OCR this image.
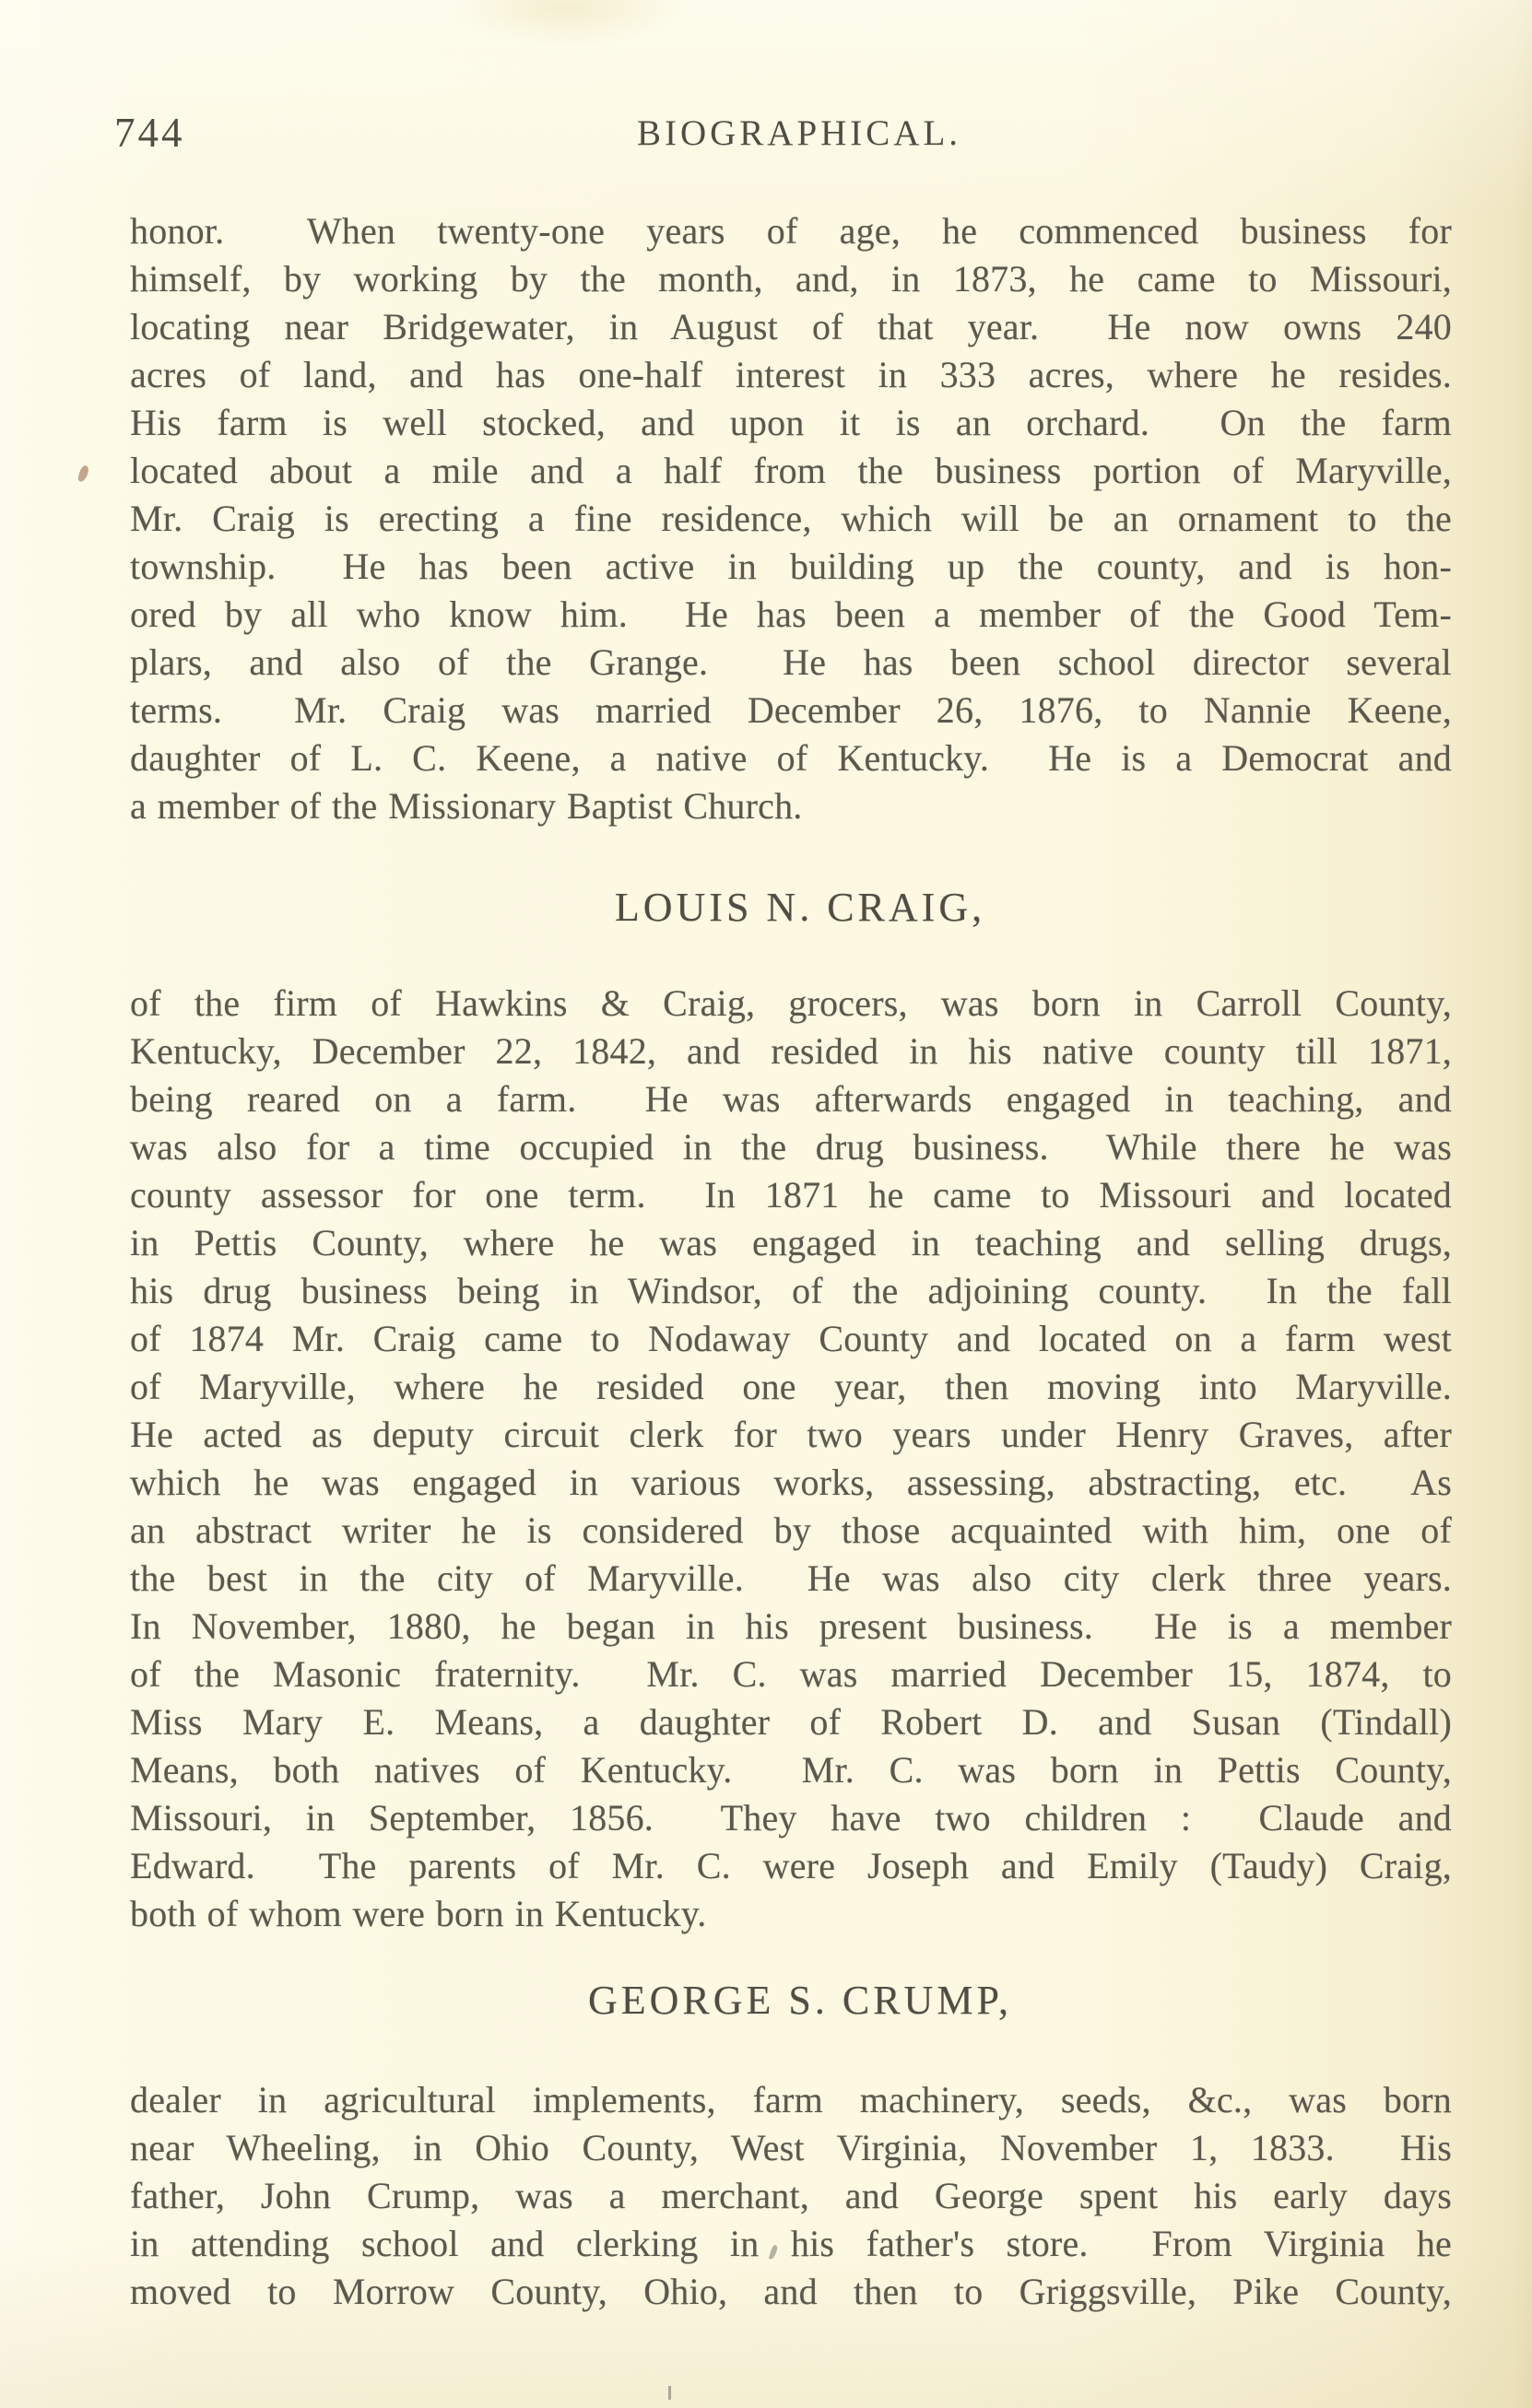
744	BIOGRAPHICAL.
honor.  When twenty-one years of age, he commenced business for
himself, by working by the month, and, in 1873, he came to Missouri,
locating near Bridgewater, in August of that year.  He now owns 240
acres of land, and has one-half interest in 333 acres, where he resides.
His farm is well stocked, and upon it is an orchard.  On the farm
located about a mile and a half from the business portion of Maryville,
Mr. Craig is erecting a fine residence, which will be an ornament to the
township.  He has been active in building up the county, and is hon-
ored by all who know him.  He has been a member of the Good Tem-
plars, and also of the Grange.  He has been school director several
terms.  Mr. Craig was married December 26, 1876, to Nannie Keene,
daughter of L. C. Keene, a native of Kentucky.  He is a Democrat and
a member of the Missionary Baptist Church.
LOUIS N. CRAIG,
of the firm of Hawkins & Craig, grocers, was born in Carroll County,
Kentucky, December 22, 1842, and resided in his native county till 1871,
being reared on a farm.  He was afterwards engaged in teaching, and
was also for a time occupied in the drug business.  While there he was
county assessor for one term.  In 1871 he came to Missouri and located
in Pettis County, where he was engaged in teaching and selling drugs,
his drug business being in Windsor, of the adjoining county.  In the fall
of 1874 Mr. Craig came to Nodaway County and located on a farm west
of Maryville, where he resided one year, then moving into Maryville.
He acted as deputy circuit clerk for two years under Henry Graves, after
which he was engaged in various works, assessing, abstracting, etc.  As
an abstract writer he is considered by those acquainted with him, one of
the best in the city of Maryville.  He was also city clerk three years.
In November, 1880, he began in his present business.  He is a member
of the Masonic fraternity.  Mr. C. was married December 15, 1874, to
Miss Mary E. Means, a daughter of Robert D. and Susan (Tindall)
Means, both natives of Kentucky.  Mr. C. was born in Pettis County,
Missouri, in September, 1856.  They have two children :  Claude and
Edward.  The parents of Mr. C. were Joseph and Emily (Taudy) Craig,
both of whom were born in Kentucky.
GEORGE S. CRUMP,
dealer in agricultural implements, farm machinery, seeds, &c., was born
near Wheeling, in Ohio County, West Virginia, November 1, 1833.  His
father, John Crump, was a merchant, and George spent his early days
in attending school and clerking in his father's store.  From Virginia he
moved to Morrow County, Ohio, and then to Griggsville, Pike County,
